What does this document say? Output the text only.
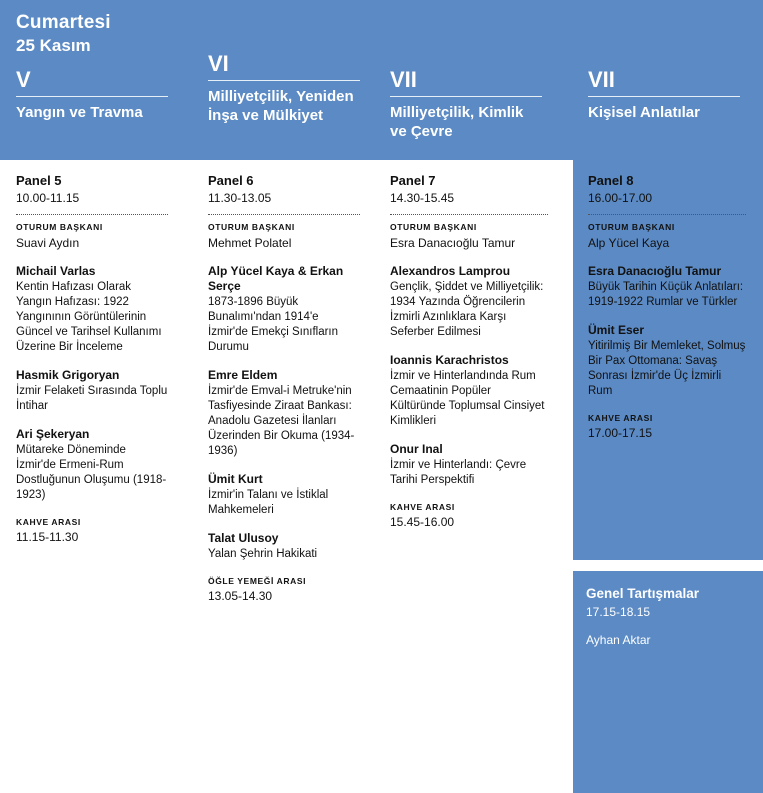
Cumartesi
25 Kasım
V
Yangın ve Travma
VI
Milliyetçilik, Yeniden İnşa ve Mülkiyet
VII
Milliyetçilik, Kimlik ve Çevre
VII
Kişisel Anlatılar
Panel 5
10.00-11.15
OTURUM BAŞKANI
Suavi Aydın
Michail Varlas
Kentin Hafızası Olarak Yangın Hafızası: 1922 Yangınının Görüntülerinin Güncel ve Tarihsel Kullanımı Üzerine Bir İnceleme
Hasmik Grigoryan
İzmir Felaketi Sırasında Toplu İntihar
Ari Şekeryan
Mütareke Döneminde İzmir'de Ermeni-Rum Dostluğunun Oluşumu (1918-1923)
KAHVE ARASI
11.15-11.30
Panel 6
11.30-13.05
OTURUM BAŞKANI
Mehmet Polatel
Alp Yücel Kaya & Erkan Serçe
1873-1896 Büyük Bunalımı'ndan 1914'e İzmir'de Emekçi Sınıfların Durumu
Emre Eldem
İzmir'de Emval-i Metruke'nin Tasfiyesinde Ziraat Bankası: Anadolu Gazetesi İlanları Üzerinden Bir Okuma (1934-1936)
Ümit Kurt
İzmir'in Talanı ve İstiklal Mahkemeleri
Talat Ulusoy
Yalan Şehrin Hakikati
ÖĞLE YEMEĞİ ARASI
13.05-14.30
Panel 7
14.30-15.45
OTURUM BAŞKANI
Esra Danacıoğlu Tamur
Alexandros Lamprou
Gençlik, Şiddet ve Milliyetçilik: 1934 Yazında Öğrencilerin İzmirli Azınlıklara Karşı Seferber Edilmesi
Ioannis Karachristos
İzmir ve Hinterlandında Rum Cemaatinin Popüler Kültüründe Toplumsal Cinsiyet Kimlikleri
Onur Inal
İzmir ve Hinterlandı: Çevre Tarihi Perspektifi
KAHVE ARASI
15.45-16.00
Panel 8
16.00-17.00
OTURUM BAŞKANI
Alp Yücel Kaya
Esra Danacıoğlu Tamur
Büyük Tarihin Küçük Anlatıları: 1919-1922 Rumlar ve Türkler
Ümit Eser
Yitirilmiş Bir Memleket, Solmuş Bir Pax Ottomana: Savaş Sonrası İzmir'de Üç İzmirli Rum
KAHVE ARASI
17.00-17.15
Genel Tartışmalar
17.15-18.15
Ayhan Aktar
